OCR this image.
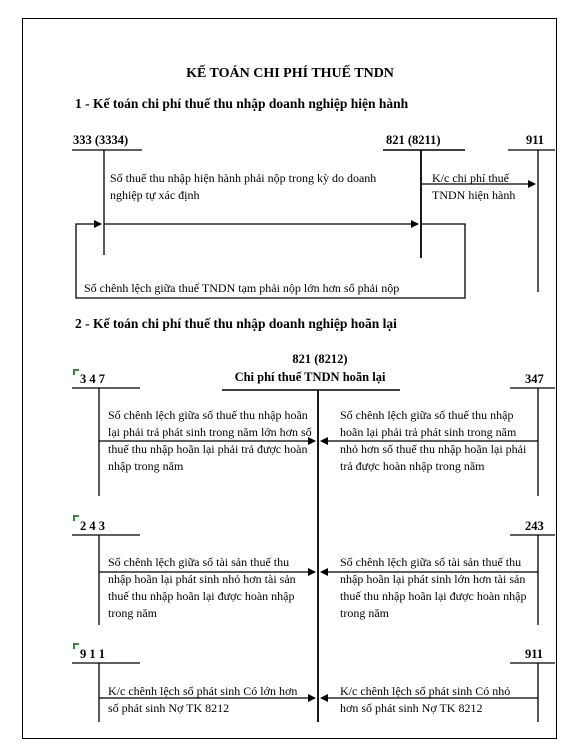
KẾ TOÁN CHI PHÍ THUẾ TNDN
1 - Kế toán chi phí thuế thu nhập doanh nghiệp hiện hành
333 (3334)	821 (8211)	911
Số thuế thu nhập hiện hành phải nộp trong kỳ do doanh nghiệp tự xác định
K/c chi phí thuế TNDN hiện hành
Số chênh lệch giữa thuế TNDN tạm phải nộp lớn hơn số phải nộp
2 - Kế toán chi phí thuế thu nhập doanh nghiệp hoãn lại
821 (8212)
Chi phí thuế TNDN hoãn lại
3 4 7	347
Số chênh lệch giữa số thuế thu nhập hoãn lại phải trả phát sinh trong năm lớn hơn số thuế thu nhập hoãn lại phải trả được hoàn nhập trong năm
Số chênh lệch giữa số thuế thu nhập hoãn lại phải trả phát sinh trong năm nhỏ hơn số thuế thu nhập hoãn lại phải trả được hoàn nhập trong năm
2 4 3	243
Số chênh lệch giữa số tài sản thuế thu nhập hoãn lại phát sinh nhỏ hơn tài sản thuế thu nhập hoãn lại được hoàn nhập trong năm
Số chênh lệch giữa số tài sản thuế thu nhập hoãn lại phát sinh lớn hơn tài sản thuế thu nhập hoãn lại được hoàn nhập trong năm
9 1 1	911
K/c chênh lệch số phát sinh Có lớn hơn số phát sinh Nợ TK 8212
K/c chênh lệch số phát sinh Có nhỏ hơn số phát sinh Nợ TK 8212
